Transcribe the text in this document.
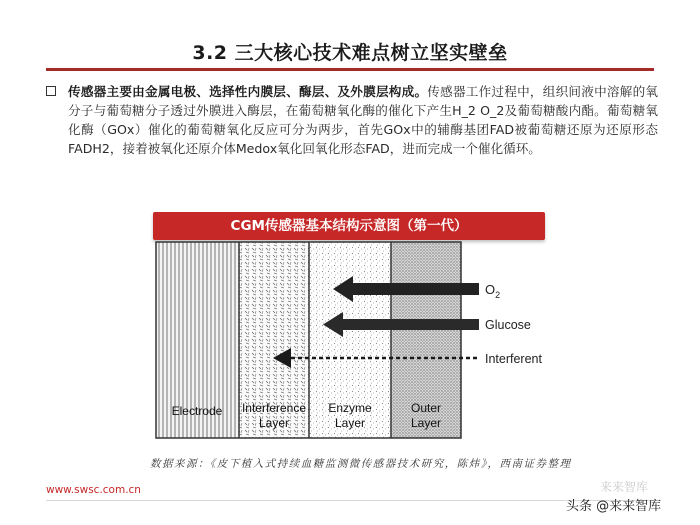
3.2 三大核心技术难点树立坚实壁垒
传感器主要由金属电极、选择性内膜层、酶层、及外膜层构成。传感器工作过程中，组织间液中溶解的氧分子与葡萄糖分子透过外膜进入酶层，在葡萄糖氧化酶的催化下产生H_2 O_2及葡萄糖酸内酯。葡萄糖氧化酶（GOx）催化的葡萄糖氧化反应可分为两步，首先GOx中的辅酶基团FAD被葡萄糖还原为还原形态FADH2，接着被氧化还原介体Medox氧化回氧化形态FAD，进而完成一个催化循环。
CGM传感器基本结构示意图（第一代）
$O_2$
Glucose
Interferent
Electrode Interference
Layer
Enzyme
Layer
Outer
Layer
数据来源：《皮下植入式持续血糖监测微传感器技术研究，陈炜》，西南证券整理
www.swsc.com.cn	来来智库
头条 @来来智库
